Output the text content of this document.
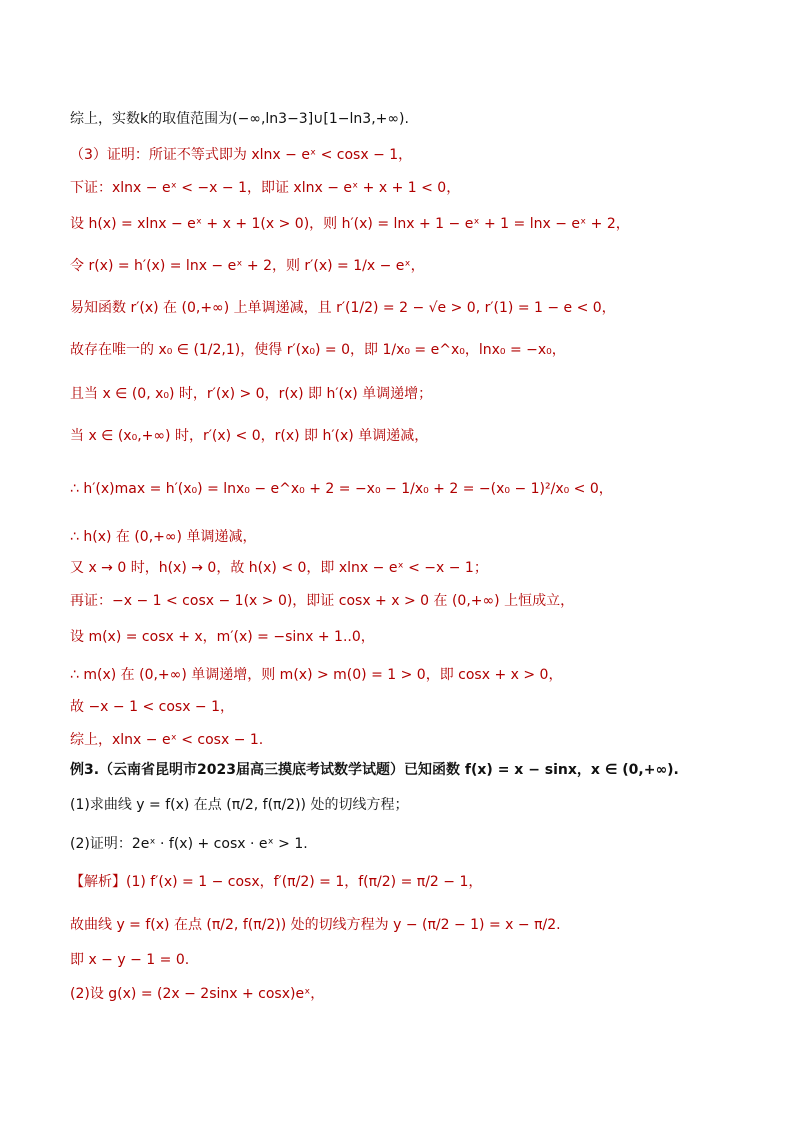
综上，实数k的取值范围为(−∞,ln3−3]∪[1−ln3,+∞).
（3）证明：所证不等式即为 xlnx − eˣ < cosx − 1，
下证：xlnx − eˣ < −x − 1，即证 xlnx − eˣ + x + 1 < 0，
设 h(x) = xlnx − eˣ + x + 1(x > 0)，则 h′(x) = lnx + 1 − eˣ + 1 = lnx − eˣ + 2，
令 r(x) = h′(x) = lnx − eˣ + 2，则 r′(x) = 1/x − eˣ，
易知函数 r′(x) 在 (0,+∞) 上单调递减，且 r′(1/2) = 2 − √e > 0, r′(1) = 1 − e < 0，
故存在唯一的 x₀ ∈ (1/2,1)，使得 r′(x₀) = 0，即 1/x₀ = e^x₀，lnx₀ = −x₀，
且当 x ∈ (0, x₀) 时，r′(x) > 0，r(x) 即 h′(x) 单调递增；
当 x ∈ (x₀,+∞) 时，r′(x) < 0，r(x) 即 h′(x) 单调递减，
∴ h′(x)max = h′(x₀) = lnx₀ − e^x₀ + 2 = −x₀ − 1/x₀ + 2 = −(x₀ − 1)²/x₀ < 0，
∴ h(x) 在 (0,+∞) 单调递减，
又 x → 0 时，h(x) → 0，故 h(x) < 0，即 xlnx − eˣ < −x − 1；
再证：−x − 1 < cosx − 1(x > 0)，即证 cosx + x > 0 在 (0,+∞) 上恒成立，
设 m(x) = cosx + x，m′(x) = −sinx + 1..0，
∴ m(x) 在 (0,+∞) 单调递增，则 m(x) > m(0) = 1 > 0，即 cosx + x > 0，
故 −x − 1 < cosx − 1，
综上，xlnx − eˣ < cosx − 1.
例3.（云南省昆明市2023届高三摸底考试数学试题）已知函数 f(x) = x − sinx，x ∈ (0,+∞).
(1)求曲线 y = f(x) 在点 (π/2, f(π/2)) 处的切线方程；
(2)证明：2eˣ · f(x) + cosx · eˣ > 1.
【解析】(1) f′(x) = 1 − cosx，f′(π/2) = 1，f(π/2) = π/2 − 1，
故曲线 y = f(x) 在点 (π/2, f(π/2)) 处的切线方程为 y − (π/2 − 1) = x − π/2.
即 x − y − 1 = 0.
(2)设 g(x) = (2x − 2sinx + cosx)eˣ，
